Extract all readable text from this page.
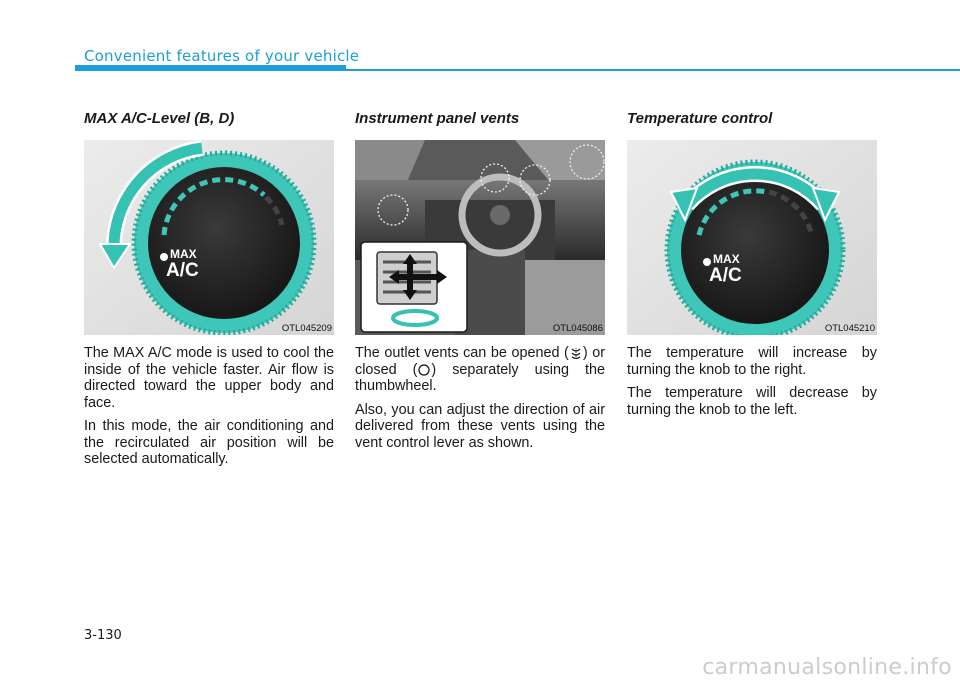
Convenient features of your vehicle
MAX A/C-Level (B, D)
MAX
A/C
OTL045209

The MAX A/C mode is used to cool the inside of the vehicle faster. Air flow is directed toward the upper body and face.

In this mode, the air conditioning and the recirculated air position will be selected automatically.

Instrument panel vents
OTL045086

The outlet vents can be opened ( ) or closed ( ) separately using the thumbwheel.

Also, you can adjust the direction of air delivered from these vents using the vent control lever as shown.

Temperature control
MAX
A/C
OTL045210

The temperature will increase by turning the knob to the right.

The temperature will decrease by turning the knob to the left.

3-130
carmanualsonline.info
